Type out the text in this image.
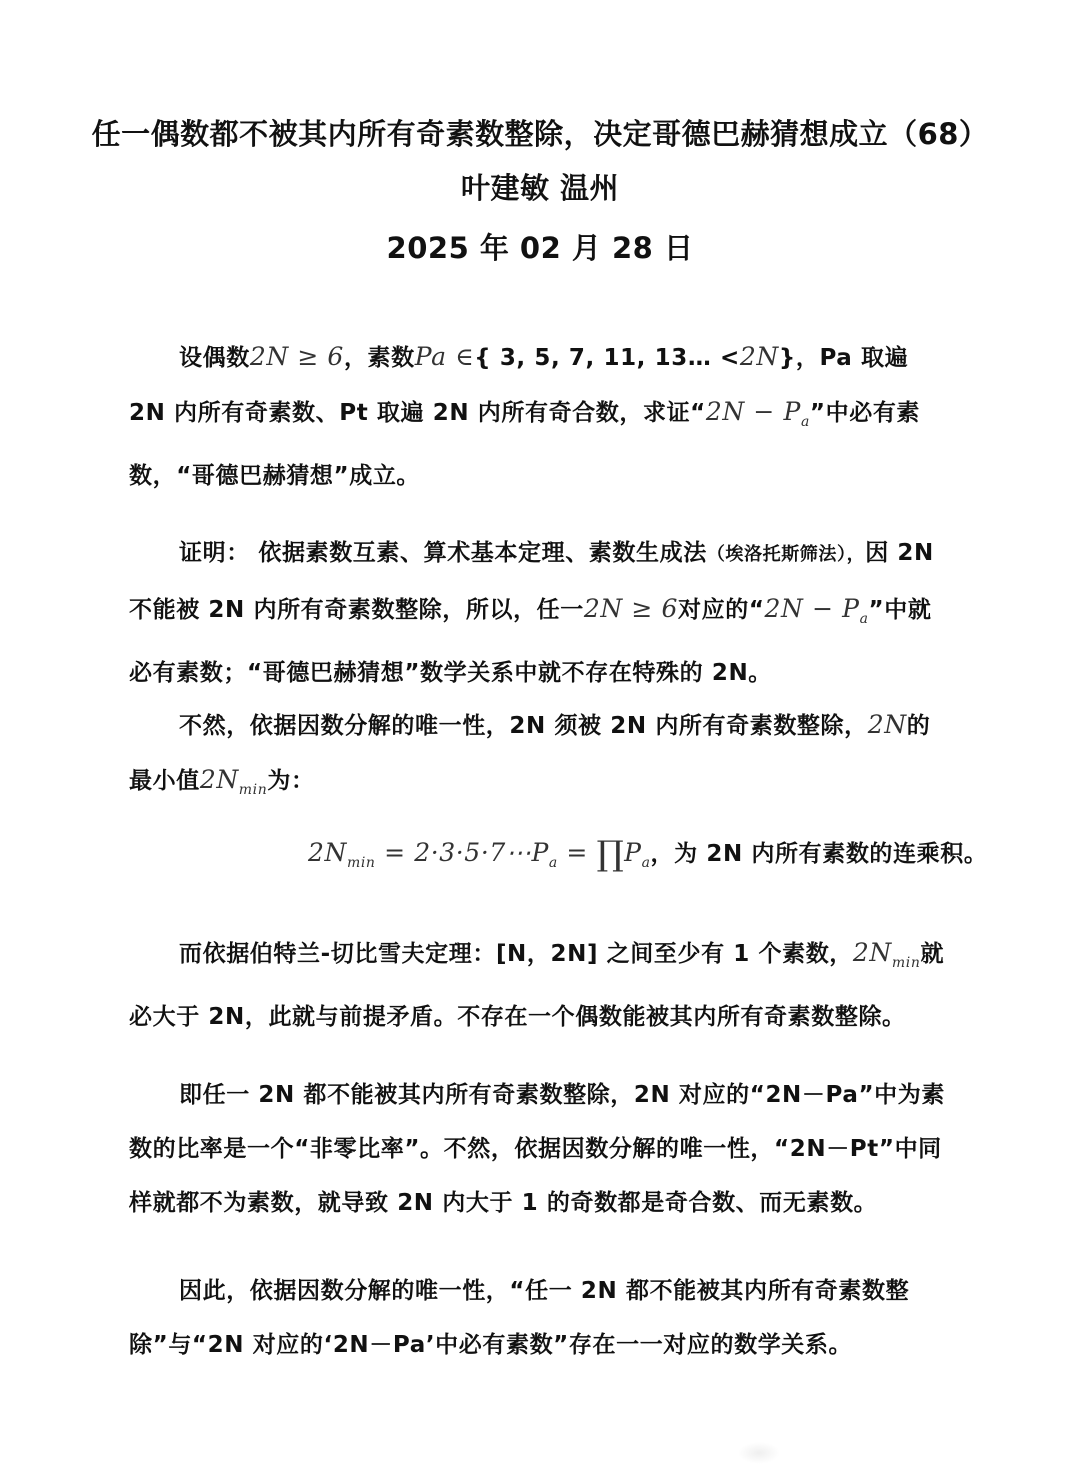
任一偶数都不被其内所有奇素数整除，决定哥德巴赫猜想成立（68）
叶建敏 温州
2025 年 02 月 28 日
设偶数2N ≥ 6，素数Pa ∈{ 3, 5, 7, 11, 13… <2N}，Pa 取遍 2N 内所有奇素数、Pt 取遍 2N 内所有奇合数，求证“$2N - P_a$”中必有素数，“哥德巴赫猜想”成立。
证明： 依据素数互素、算术基本定理、素数生成法（埃洛托斯筛法），因 2N 不能被 2N 内所有奇素数整除，所以，任一2N ≥ 6对应的“$2N - P_a$”中就必有素数；“哥德巴赫猜想”数学关系中就不存在特殊的 2N。
不然，依据因数分解的唯一性，2N 须被 2N 内所有奇素数整除，2N的最小值$2N_{min}$为：
$2N_{min}$ = $2\cdot 3\cdot 5\cdot 7\cdots P_a$ = $\prod P_a$，为 2N 内所有素数的连乘积。
而依据伯特兰-切比雪夫定理：[N，2N] 之间至少有 1 个素数，$2N_{min}$就必大于 2N，此就与前提矛盾。不存在一个偶数能被其内所有奇素数整除。
即任一 2N 都不能被其内所有奇素数整除，2N 对应的“2N－Pa”中为素数的比率是一个“非零比率”。不然，依据因数分解的唯一性，“2N－Pt”中同样就都不为素数，就导致 2N 内大于 1 的奇数都是奇合数、而无素数。
因此，依据因数分解的唯一性，“任一 2N 都不能被其内所有奇素数整除”与“2N 对应的‘2N－Pa’中必有素数”存在一一对应的数学关系。
